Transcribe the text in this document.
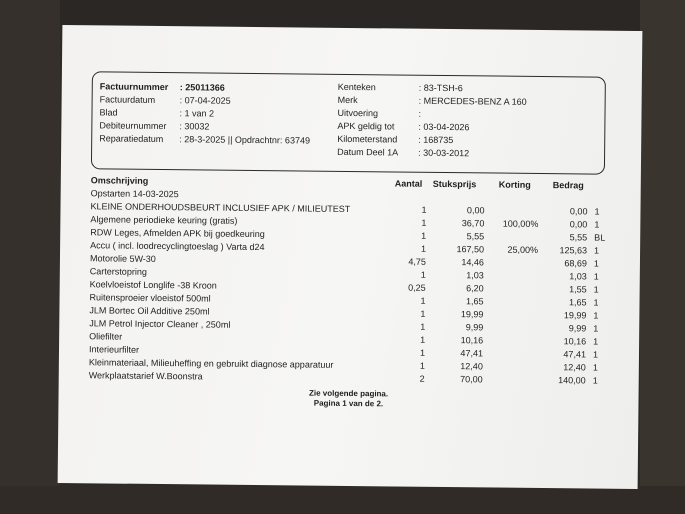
Factuurnummer : 25011366
Factuurdatum	: 07-04-2025
Blad	: 1 van 2
Debiteurnummer : 30032
Reparatiedatum : 28-3-2025 || Opdrachtnr: 63749
Kenteken	: 83-TSH-6
Merk	: MERCEDES-BENZ A 160
Uitvoering	:
APK geldig tot	: 03-04-2026
Kilometerstand : 168735
Datum Deel 1A : 30-03-2012
Omschrijving	Aantal Stuksprijs Korting Bedrag
Opstarten 14-03-2025
KLEINE ONDERHOUDSBEURT INCLUSIEF APK / MILIEUTEST	1	0,00	0,00 1
Algemene periodieke keuring (gratis)	1	36,70	100,00%	0,00 1
RDW Leges, Afmelden APK bij goedkeuring	1	5,55	5,55 BL
Accu ( incl. loodrecyclingtoeslag ) Varta d24	1	167,50	25,00%	125,63 1
Motorolie 5W-30	4,75	14,46	68,69 1
Carterstopring	1	1,03	1,03 1
Koelvloeistof Longlife -38 Kroon	0,25	6,20	1,55 1
Ruitensproeier vloeistof 500ml	1	1,65	1,65 1
JLM Bortec Oil Additive 250ml	1	19,99	19,99 1
JLM Petrol Injector Cleaner , 250ml	1	9,99	9,99 1
Oliefilter	1	10,16	10,16 1
Interieurfilter	1	47,41	47,41 1
Kleinmateriaal, Milieuheffing en gebruikt diagnose apparatuur	1	12,40	12,40 1
Werkplaatstarief W.Boonstra	2	70,00	140,00 1
Zie volgende pagina.
Pagina 1 van de 2.
